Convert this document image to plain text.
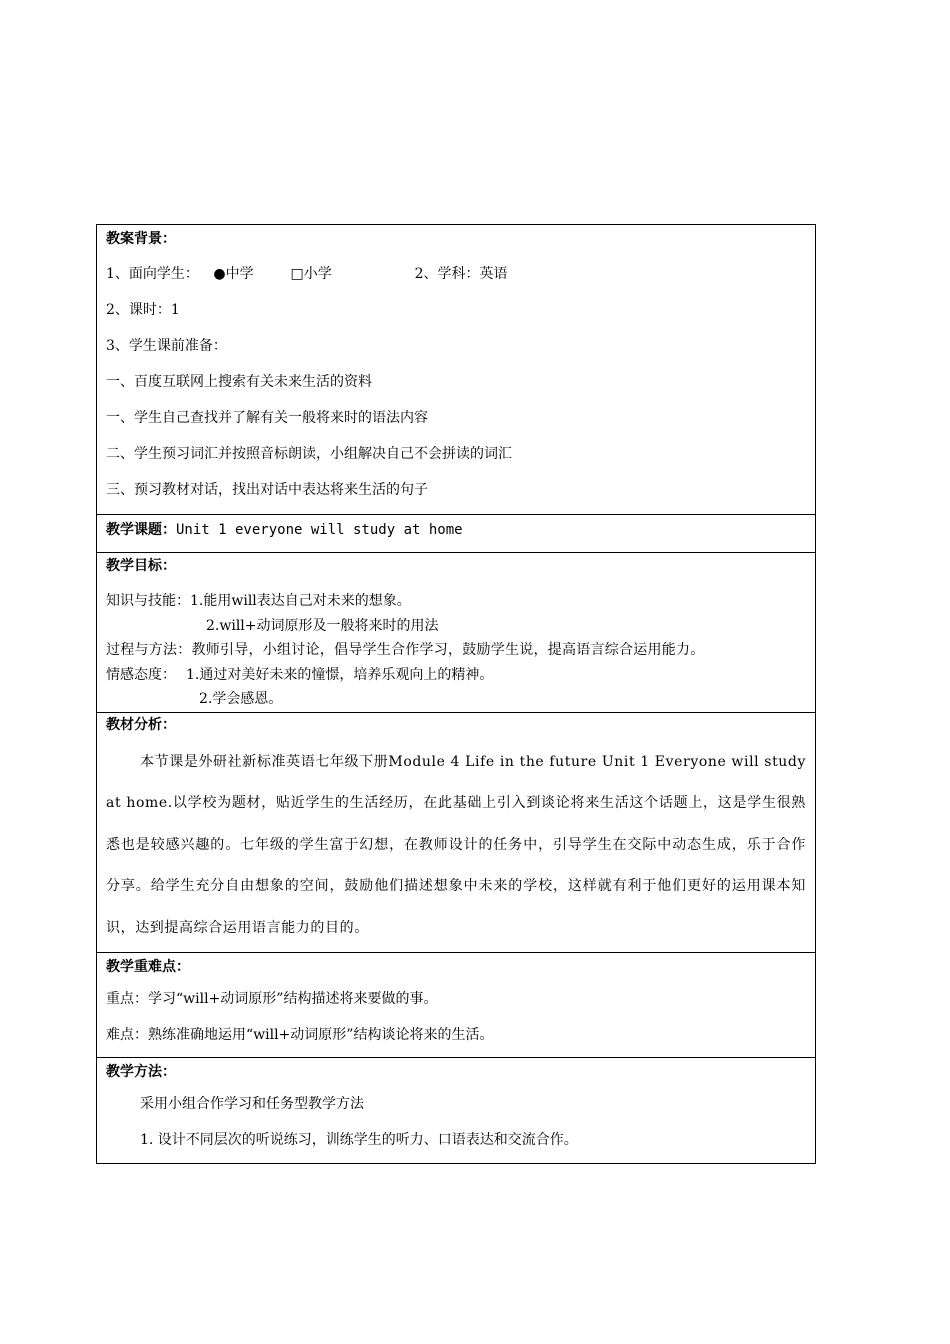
教案背景：
1、面向学生： ●中学	□小学	2、学科：英语
2、课时：1
3、学生课前准备：
一、百度互联网上搜索有关未来生活的资料
一、学生自己查找并了解有关一般将来时的语法内容
二、学生预习词汇并按照音标朗读，小组解决自己不会拼读的词汇
三、预习教材对话，找出对话中表达将来生活的句子
教学课题：Unit 1 everyone will study at home
教学目标：
知识与技能：1.能用will表达自己对未来的想象。
2.will+动词原形及一般将来时的用法
过程与方法：教师引导，小组讨论，倡导学生合作学习，鼓励学生说，提高语言综合运用能力。
情感态度： 1.通过对美好未来的憧憬，培养乐观向上的精神。
2.学会感恩。
教材分析：
本节课是外研社新标准英语七年级下册Module 4 Life in the future Unit 1 Everyone will study at home.以学校为题材，贴近学生的生活经历，在此基础上引入到谈论将来生活这个话题上，这是学生很熟悉也是较感兴趣的。七年级的学生富于幻想，在教师设计的任务中，引导学生在交际中动态生成，乐于合作分享。给学生充分自由想象的空间，鼓励他们描述想象中未来的学校，这样就有利于他们更好的运用课本知识，达到提高综合运用语言能力的目的。
教学重难点：
重点：学习“will+动词原形”结构描述将来要做的事。
难点：熟练准确地运用“will+动词原形”结构谈论将来的生活。
教学方法：
采用小组合作学习和任务型教学方法
1. 设计不同层次的听说练习，训练学生的听力、口语表达和交流合作。
